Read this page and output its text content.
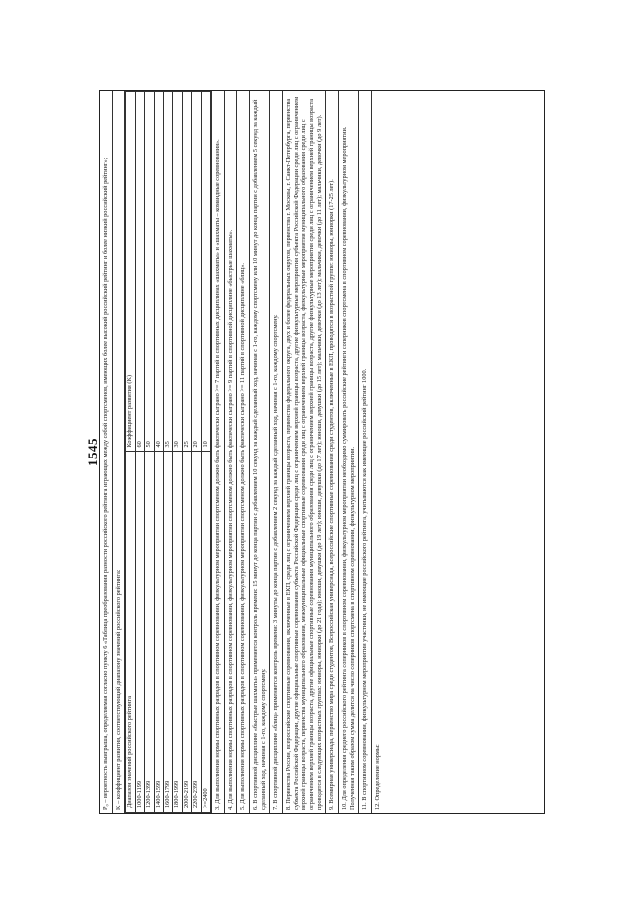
1545 P₀ – вероятность выигрыша, определяемая согласно пункту 6 «Таблица преобразования разности российского рейтинга играющих между собой спортсменов, имеющих более высокий российский рейтинг и более низкий российский рейтинг»; K – коэффициент развития, соответствующий диапазону значений российского рейтинга: Диапазон значений российского рейтинга	Коэффициент развития (K)
1000-1199	60
1200-1399	50
1400-1599	40
1600-1799	35
1800-1999	30
2000-2199	25
2200-2399	20
>=2400	10 3. Для выполнения нормы спортивных разрядов в спортивном соревновании, физкультурном мероприятии спортсменом должно быть фактически сыграно >= 7 партий в спортивных дисциплинах «шахматы» и «шахматы – командные соревнования». 4. Для выполнения нормы спортивных разрядов в спортивном соревновании, физкультурном мероприятии спортсменом должно быть фактически сыграно >= 9 партий в спортивной дисциплине «быстрые шахматы». 5. Для выполнения нормы спортивных разрядов в спортивном соревновании, физкультурном мероприятии спортсменом должно быть фактически сыграно >= 11 партий в спортивной дисциплине «блиц». 6. В спортивной дисциплине «быстрые шахматы» применяется контроль времени: 15 минут до конца партии с добавлением 10 секунд за каждый сделанный ход, начиная с 1-го, каждому спортсмену или 10 минут до конца партии с добавлением 5 секунд за каждый сделанный ход, начиная с 1-го, каждому спортсмену. 7. В спортивной дисциплине «блиц» применяется контроль времени: 3 минуты до конца партии с добавлением 2 секунд за каждый сделанный ход, начиная с 1-го, каждому спортсмену. 8. Первенства России, всероссийские спортивные соревнования, включенные в ЕКП, среди лиц с ограничением верхней границы возраста, первенства федерального округа, двух и более федеральных округов, первенства г. Москвы, г. Санкт-Петербурга, первенства субъекта Российской Федерации, другие официальные спортивные соревнования субъекта Российской Федерации среди лиц с ограничением верхней границы возраста, другие физкультурные мероприятия субъекта Российской Федерации среди лиц с ограничением верхней границы возраста, первенства муниципального образования, межмуниципальные официальные спортивные соревнования среди лиц с ограничением верхней границы возраста, физкультурные мероприятия муниципального образования среди лиц с ограничением верхней границы возраста, другие официальные спортивные соревнования муниципального образования среди лиц с ограничением верхней границы возраста, другие физкультурные мероприятия среди лиц с ограничением верхней границы возраста проводятся в следующих возрастных группах: юниоры, юниорки (до 21 года); юноши, девушки (до 19 лет); юноши, девушки (до 17 лет); юноши, девушки (до 15 лет); мальчики, девочки (до 13 лет); мальчики, девочки (до 11 лет); мальчики, девочки (до 9 лет). 9. Всемирная универсиада, первенство мира среди студентов, Всероссийская универсиада, всероссийские спортивные соревнования среди студентов, включенные в ЕКП, проводятся в возрастной группе: юниоры, юниорки (17-25 лет). 10. Для определения среднего российского рейтинга соперников в спортивном соревновании, физкультурном мероприятии необходимо суммировать российские рейтинги соперников спортсмена в спортивном соревновании, физкультурном мероприятии. Полученная таким образом сумма делится на число соперников спортсмена в спортивном соревновании, физкультурном мероприятии. 11. В спортивном соревновании, физкультурном мероприятии участники, не имеющие российского рейтинга, учитываются как имеющие российский рейтинг 1000. 12. Определение нормы:
